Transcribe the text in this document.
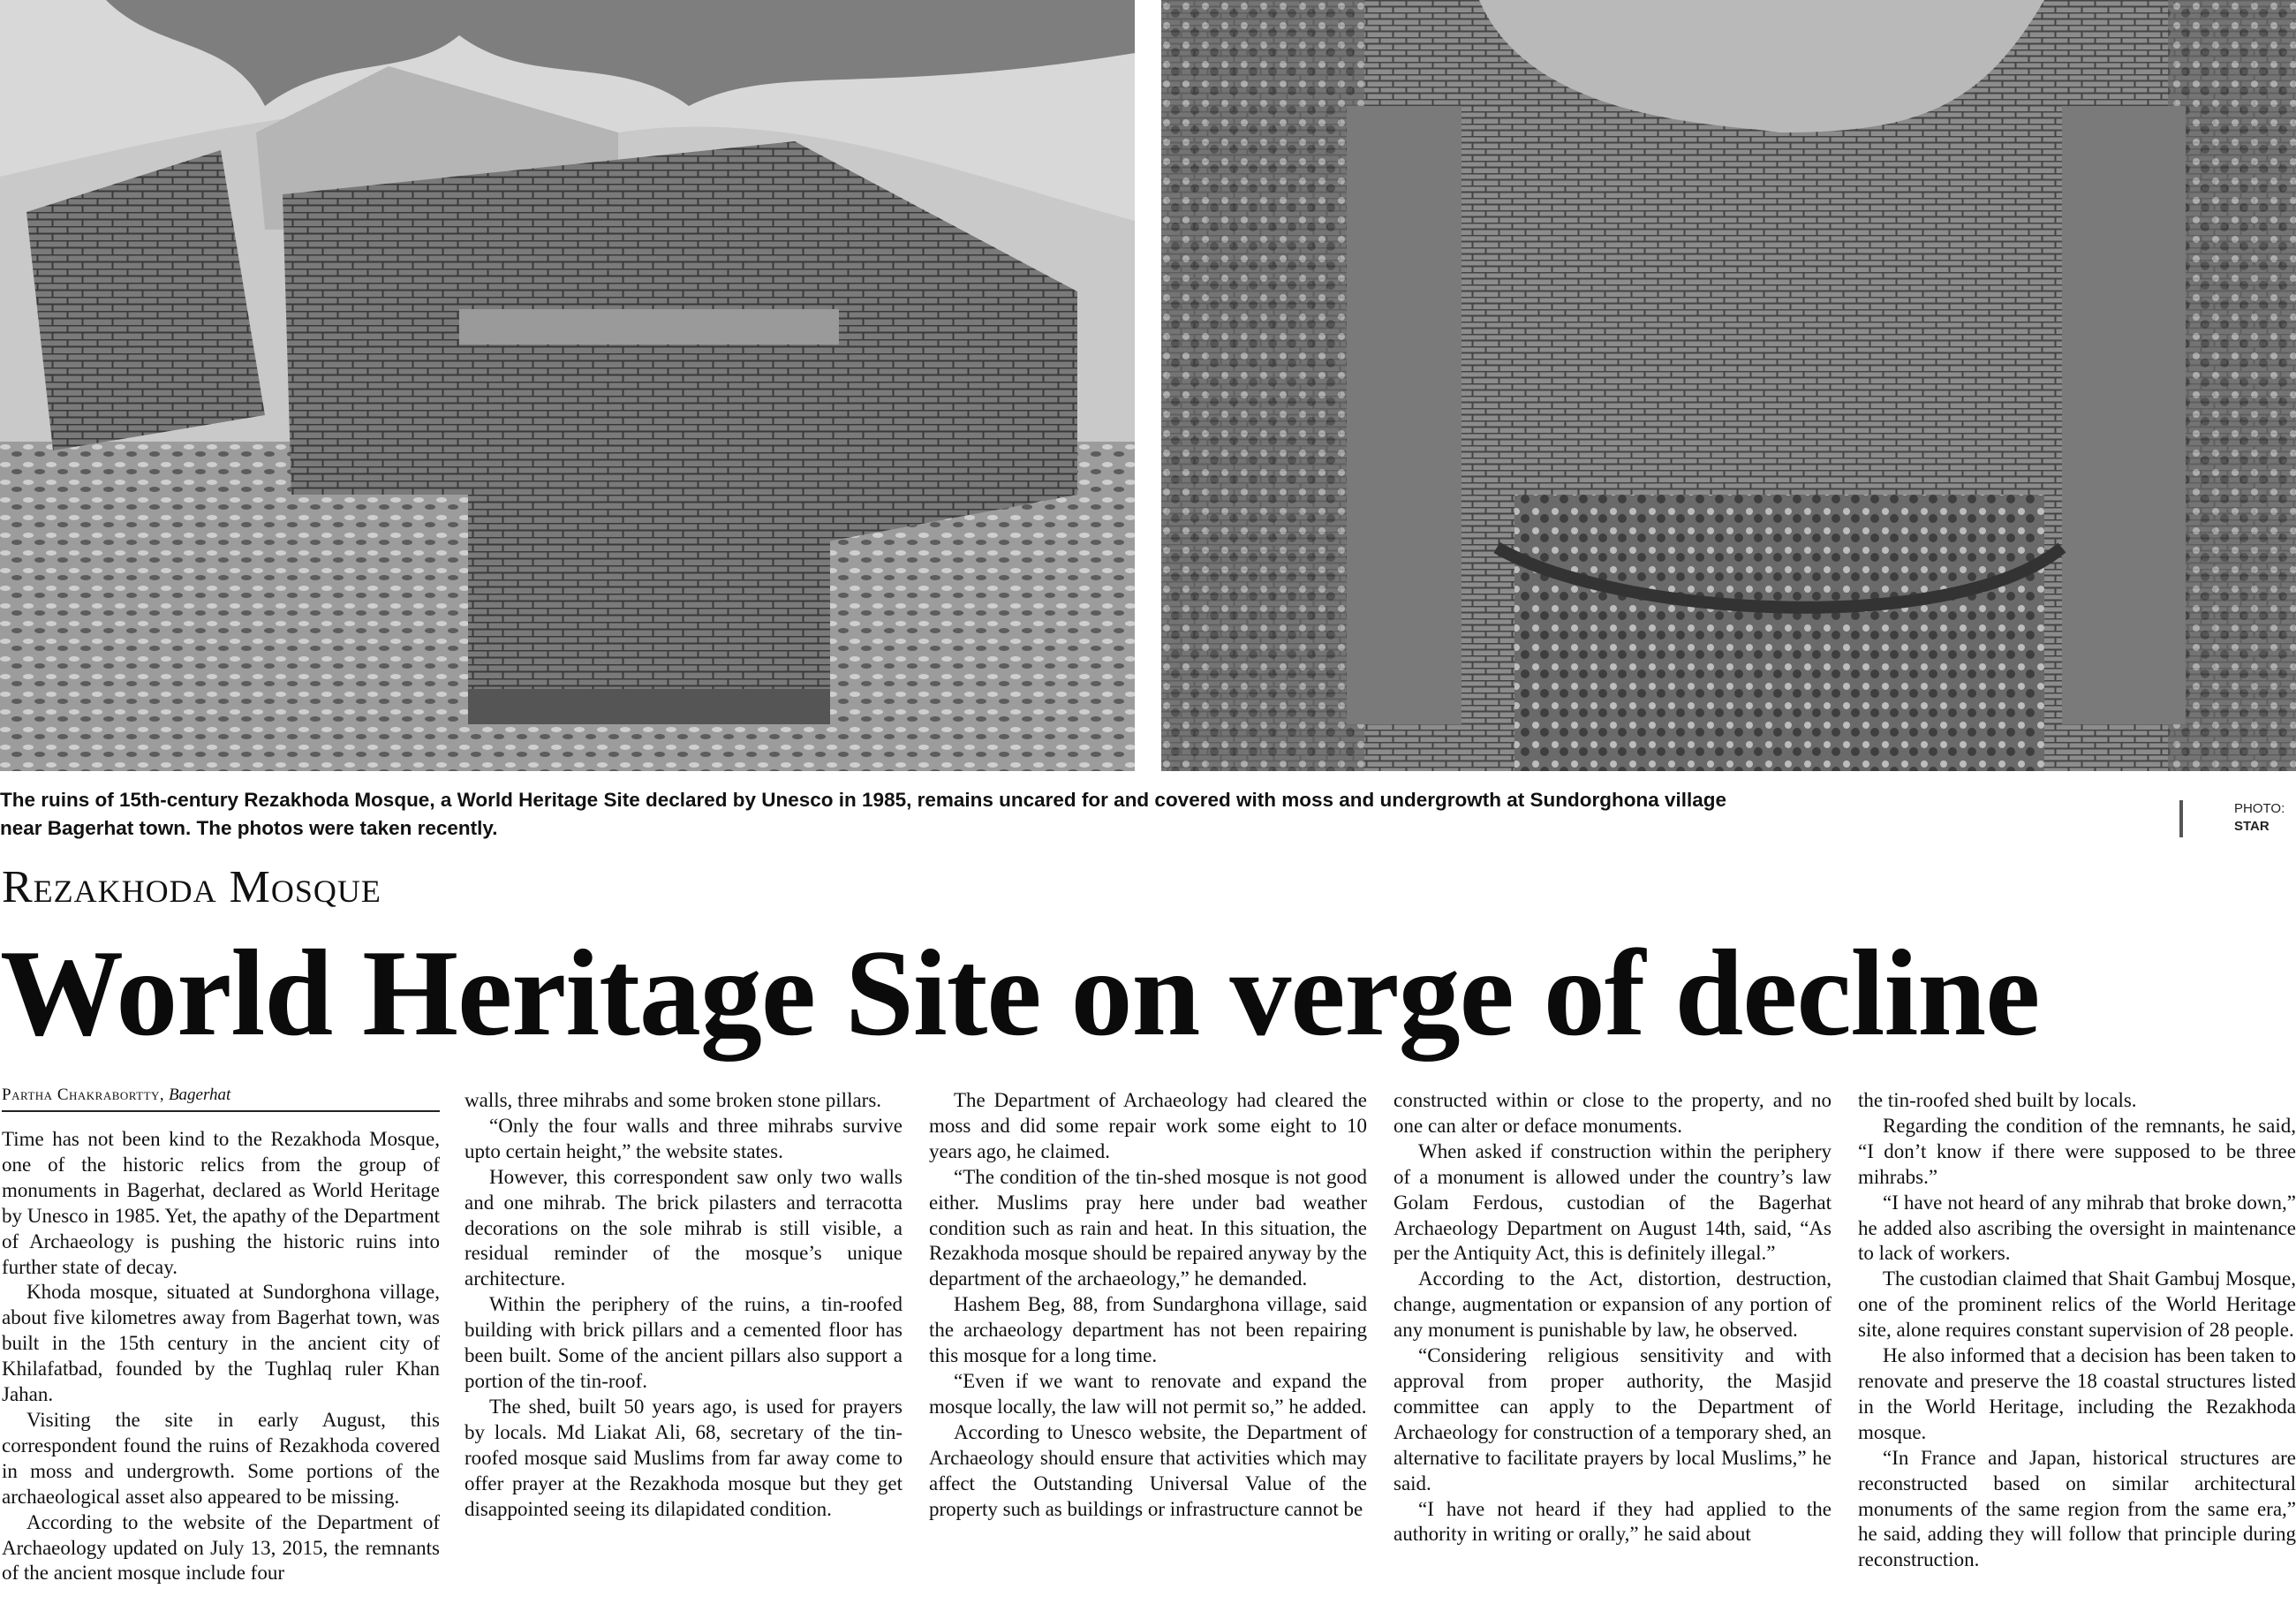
The ruins of 15th-century Rezakhoda Mosque, a World Heritage Site declared by Unesco in 1985, remains uncared for and covered with moss and undergrowth at Sundorghona village near Bagerhat town. The photos were taken recently.
PHOTO:
STAR
Rezakhoda Mosque
World Heritage Site on verge of decline
Partha Chakrabortty, Bagerhat

Time has not been kind to the Rezakhoda Mosque, one of the historic relics from the group of monuments in Bagerhat, declared as World Heritage by Unesco in 1985. Yet, the apathy of the Department of Archaeology is pushing the historic ruins into further state of decay.

Khoda mosque, situated at Sundorghona village, about five kilometres away from Bagerhat town, was built in the 15th century in the ancient city of Khilafatbad, founded by the Tughlaq ruler Khan Jahan.

Visiting the site in early August, this correspondent found the ruins of Rezakhoda covered in moss and undergrowth. Some portions of the archaeological asset also appeared to be missing.

According to the website of the Department of Archaeology updated on July 13, 2015, the remnants of the ancient mosque include four

walls, three mihrabs and some broken stone pillars.

“Only the four walls and three mihrabs survive upto certain height,” the website states.

However, this correspondent saw only two walls and one mihrab. The brick pilasters and terracotta decorations on the sole mihrab is still visible, a residual reminder of the mosque’s unique architecture.

Within the periphery of the ruins, a tin-roofed building with brick pillars and a cemented floor has been built. Some of the ancient pillars also support a portion of the tin-roof.

The shed, built 50 years ago, is used for prayers by locals. Md Liakat Ali, 68, secretary of the tin- roofed mosque said Muslims from far away come to offer prayer at the Rezakhoda mosque but they get disappointed seeing its dilapidated condition.

The Department of Archaeology had cleared the moss and did some repair work some eight to 10 years ago, he claimed.

“The condition of the tin-shed mosque is not good either. Muslims pray here under bad weather condition such as rain and heat. In this situation, the Rezakhoda mosque should be repaired anyway by the department of the archaeology,” he demanded.

Hashem Beg, 88, from Sundarghona village, said the archaeology department has not been repairing this mosque for a long time.

“Even if we want to renovate and expand the mosque locally, the law will not permit so,” he added.

According to Unesco website, the Department of Archaeology should ensure that activities which may affect the Outstanding Universal Value of the property such as buildings or infrastructure cannot be

constructed within or close to the property, and no one can alter or deface monuments.

When asked if construction within the periphery of a monument is allowed under the country’s law Golam Ferdous, custodian of the Bagerhat Archaeology Department on August 14th, said, “As per the Antiquity Act, this is definitely illegal.”

According to the Act, distortion, destruction, change, augmentation or expansion of any portion of any monument is punishable by law, he observed.

“Considering religious sensitivity and with approval from proper authority, the Masjid committee can apply to the Department of Archaeology for construction of a temporary shed, an alternative to facilitate prayers by local Muslims,” he said.

“I have not heard if they had applied to the authority in writing or orally,” he said about

the tin-roofed shed built by locals.

Regarding the condition of the remnants, he said, “I don’t know if there were supposed to be three mihrabs.”

“I have not heard of any mihrab that broke down,” he added also ascribing the oversight in maintenance to lack of workers.

The custodian claimed that Shait Gambuj Mosque, one of the prominent relics of the World Heritage site, alone requires constant supervision of 28 people.

He also informed that a decision has been taken to renovate and preserve the 18 coastal structures listed in the World Heritage, including the Rezakhoda mosque.

“In France and Japan, historical structures are reconstructed based on similar architectural monuments of the same region from the same era,” he said, adding they will follow that principle during reconstruction.
